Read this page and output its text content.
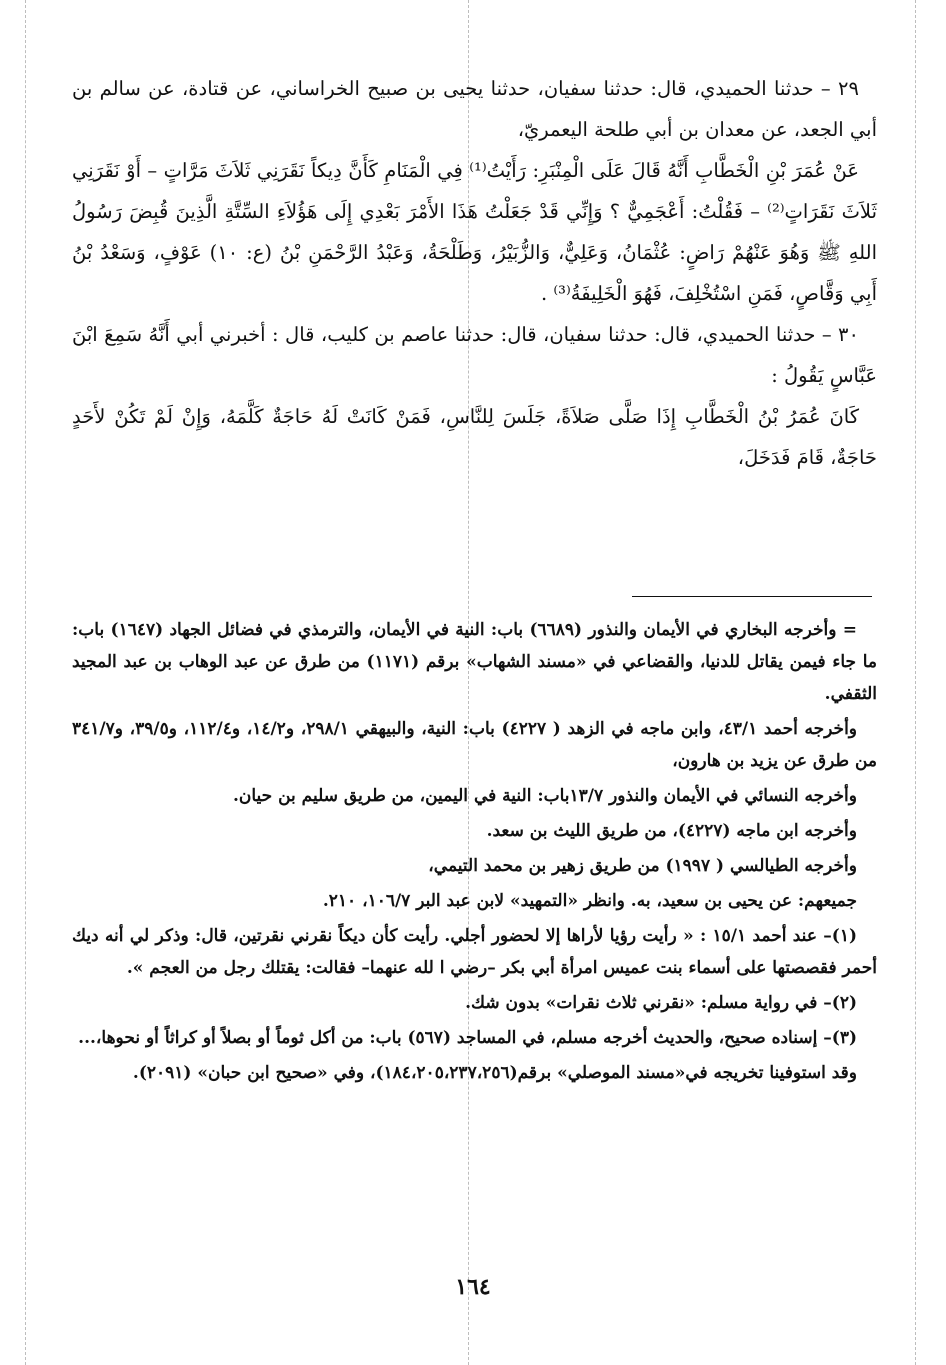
٢٩ – حدثنا الحميدي، قال: حدثنا سفيان، حدثنا يحيى بن صبيح الخراساني، عن قتادة، عن سالم بن أبي الجعد، عن معدان بن أبي طلحة اليعمريّ،

عَنْ عُمَرَ بْنِ الْخَطَّابِ أَنَّهُ قَالَ عَلَى الْمِنْبَرِ: رَأَيْتُ⁽¹⁾ فِي الْمَنَامِ كَأَنَّ دِيكاً نَقَرَنِي ثَلاَثَ مَرَّاتٍ – أَوْ نَقَرَنِي ثَلاَثَ نَقَرَاتٍ⁽²⁾ – فَقُلْتُ: أَعْجَمِيٌّ ؟ وَإِنِّي قَدْ جَعَلْتُ هَذَا الأَمْرَ بَعْدِي إِلَى هَؤُلاَءِ السِّتَّةِ الَّذِينَ قُبِضَ رَسُولُ اللهِ ﷺ وَهُوَ عَنْهُمْ رَاضٍ: عُثْمَانُ، وَعَلِيٌّ، وَالزُّبَيْرُ، وَطَلْحَةُ، وَعَبْدُ الرَّحْمَنِ بْنُ (ع: ١٠) عَوْفٍ، وَسَعْدُ بْنُ أَبِي وَقَّاصٍ، فَمَنِ اسْتُخْلِفَ، فَهُوَ الْخَلِيفَةُ⁽³⁾ .

٣٠ – حدثنا الحميدي، قال: حدثنا سفيان، قال: حدثنا عاصم بن كليب، قال : أخبرني أبي أَنَّهُ سَمِعَ ابْنَ عَبَّاسٍ يَقُولُ :

كَانَ عُمَرُ بْنُ الْخَطَّابِ إِذَا صَلَّى صَلاَةً، جَلَسَ لِلنَّاسِ، فَمَنْ كَانَتْ لَهُ حَاجَةٌ كَلَّمَهُ، وَإِنْ لَمْ تَكُنْ لأَحَدٍ حَاجَةٌ، قَامَ فَدَخَلَ،

= وأخرجه البخاري في الأيمان والنذور (٦٦٨٩) باب: النية في الأيمان، والترمذي في فضائل الجهاد (١٦٤٧) باب: ما جاء فيمن يقاتل للدنيا، والقضاعي في «مسند الشهاب» برقم (١١٧١) من طرق عن عبد الوهاب بن عبد المجيد الثقفي.

وأخرجه أحمد ٤٣/١، وابن ماجه في الزهد ( ٤٢٢٧) باب: النية، والبيهقي ٢٩٨/١، و١٤/٢، و١١٢/٤، و٣٩/٥، و٣٤١/٧ من طرق عن يزيد بن هارون،

وأخرجه النسائي في الأيمان والنذور ١٣/٧باب: النية في اليمين، من طريق سليم بن حيان.

وأخرجه ابن ماجه (٤٢٢٧)، من طريق الليث بن سعد.

وأخرجه الطيالسي ( ١٩٩٧) من طريق زهير بن محمد التيمي،

جميعهم: عن يحيى بن سعيد، به. وانظر «التمهيد» لابن عبد البر ١٠٦/٧، ٢١٠.

(١)– عند أحمد ١٥/١ : « رأيت رؤيا لأراها إلا لحضور أجلي. رأيت كأن ديكاً نقرني نقرتين، قال: وذكر لي أنه ديك أحمر فقصصتها على أسماء بنت عميس امرأة أبي بكر –رضي ا لله عنهما– فقالت: يقتلك رجل من العجم ».

(٢)– في رواية مسلم: «نقرني ثلاث نقرات» بدون شك.

(٣)– إسناده صحيح، والحديث أخرجه مسلم، في المساجد (٥٦٧) باب: من أكل ثوماً أو بصلاً أو كراثاً أو نحوها،...

وقد استوفينا تخريجه في«مسند الموصلي» برقم(١٨٤،٢٠٥،٢٣٧،٢٥٦)، وفي «صحيح ابن حبان» (٢٠٩١).

١٦٤
